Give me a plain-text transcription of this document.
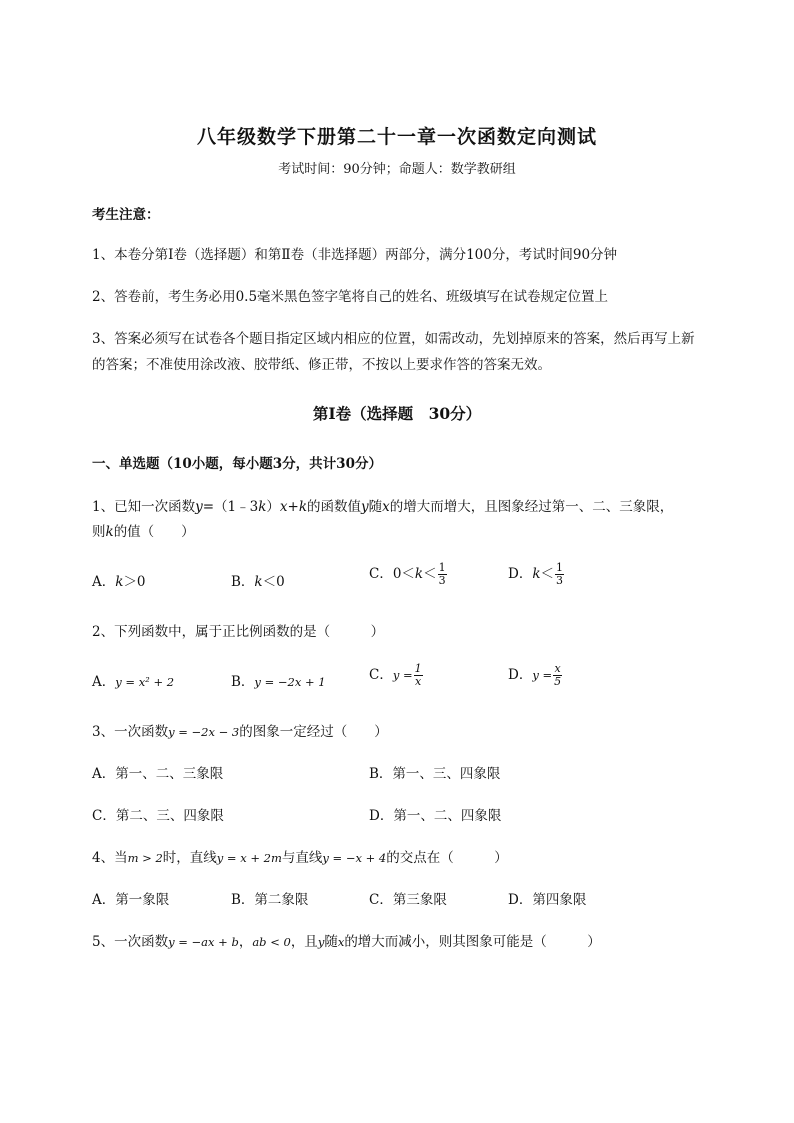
八年级数学下册第二十一章一次函数定向测试
考试时间：90分钟；命题人：数学教研组
考生注意：
1、本卷分第I卷（选择题）和第Ⅱ卷（非选择题）两部分，满分100分，考试时间90分钟
2、答卷前，考生务必用0.5毫米黑色签字笔将自己的姓名、班级填写在试卷规定位置上
3、答案必须写在试卷各个题目指定区域内相应的位置，如需改动，先划掉原来的答案，然后再写上新
的答案；不准使用涂改液、胶带纸、修正带，不按以上要求作答的答案无效。
第I卷（选择题　30分）
一、单选题（10小题，每小题3分，共计30分）
1、已知一次函数y=（1﹣3k）x+k的函数值y随x的增大而增大，且图象经过第一、二、三象限，
则k的值（　　）
A．k＞0	B．k＜0	C．$0<k< \frac{1}{3}$	D．$k< \frac{1}{3}$
2、下列函数中，属于正比例函数的是（　　　）
A．y = x² + 2	B．y = −2x + 1	C．$y = \frac{1}{x}$	D．$y = \frac{x}{5}$
3、一次函数y = −2x − 3的图象一定经过（　　）
A．第一、二、三象限	B．第一、三、四象限
C．第二、三、四象限	D．第一、二、四象限
4、当m > 2时，直线y = x + 2m与直线y = −x + 4的交点在（　　　）
A．第一象限	B．第二象限	C．第三象限	D．第四象限
5、一次函数y = −ax + b，ab < 0，且y随x的增大而减小，则其图象可能是（　　　）
